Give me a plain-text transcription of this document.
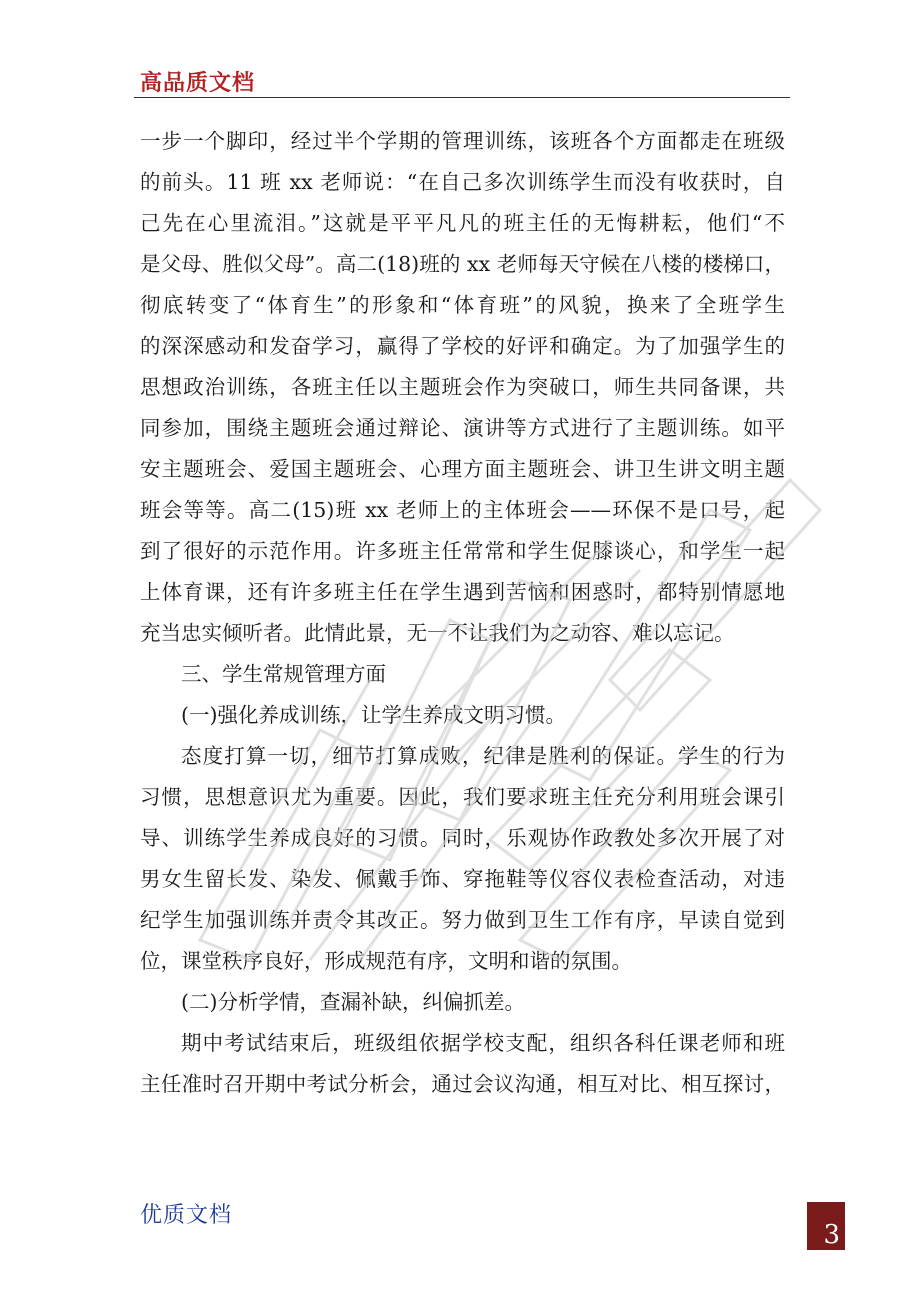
高品质文档
一步一个脚印，经过半个学期的管理训练，该班各个方面都走在班级
的前头。11 班 xx 老师说：“在自己多次训练学生而没有收获时，自
己先在心里流泪。”这就是平平凡凡的班主任的无悔耕耘，他们“不
是父母、胜似父母”。高二(18)班的 xx 老师每天守候在八楼的楼梯口，
彻底转变了“体育生”的形象和“体育班”的风貌，换来了全班学生
的深深感动和发奋学习，赢得了学校的好评和确定。为了加强学生的
思想政治训练，各班主任以主题班会作为突破口，师生共同备课，共
同参加，围绕主题班会通过辩论、演讲等方式进行了主题训练。如平
安主题班会、爱国主题班会、心理方面主题班会、讲卫生讲文明主题
班会等等。高二(15)班 xx 老师上的主体班会——环保不是口号，起
到了很好的示范作用。许多班主任常常和学生促膝谈心，和学生一起
上体育课，还有许多班主任在学生遇到苦恼和困惑时，都特别情愿地
充当忠实倾听者。此情此景，无一不让我们为之动容、难以忘记。
三、学生常规管理方面
(一)强化养成训练，让学生养成文明习惯。
态度打算一切，细节打算成败，纪律是胜利的保证。学生的行为
习惯，思想意识尤为重要。因此，我们要求班主任充分利用班会课引
导、训练学生养成良好的习惯。同时，乐观协作政教处多次开展了对
男女生留长发、染发、佩戴手饰、穿拖鞋等仪容仪表检查活动，对违
纪学生加强训练并责令其改正。努力做到卫生工作有序，早读自觉到
位，课堂秩序良好，形成规范有序，文明和谐的氛围。
(二)分析学情，查漏补缺，纠偏抓差。
期中考试结束后，班级组依据学校支配，组织各科任课老师和班
主任准时召开期中考试分析会，通过会议沟通，相互对比、相互探讨，
优质文档
3
